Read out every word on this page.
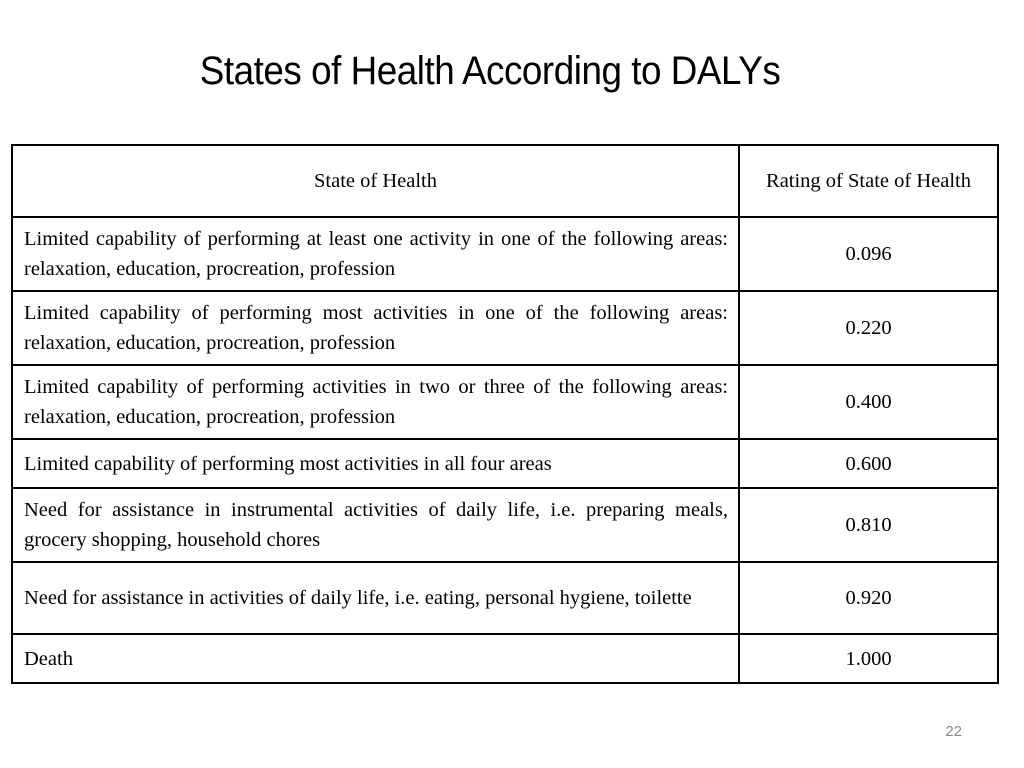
States of Health According to DALYs
State of Health	Rating of State of Health
Limited capability of performing at least one activity in one of the following areas: relaxation, education, procreation, profession	0.096
Limited capability of performing most activities in one of the following areas: relaxation, education, procreation, profession	0.220
Limited capability of performing activities in two or three of the following areas: relaxation, education, procreation, profession	0.400
Limited capability of performing most activities in all four areas	0.600
Need for assistance in instrumental activities of daily life, i.e. preparing meals, grocery shopping, household chores	0.810
Need for assistance in activities of daily life, i.e. eating, personal hygiene, toilette	0.920
Death	1.000
22
